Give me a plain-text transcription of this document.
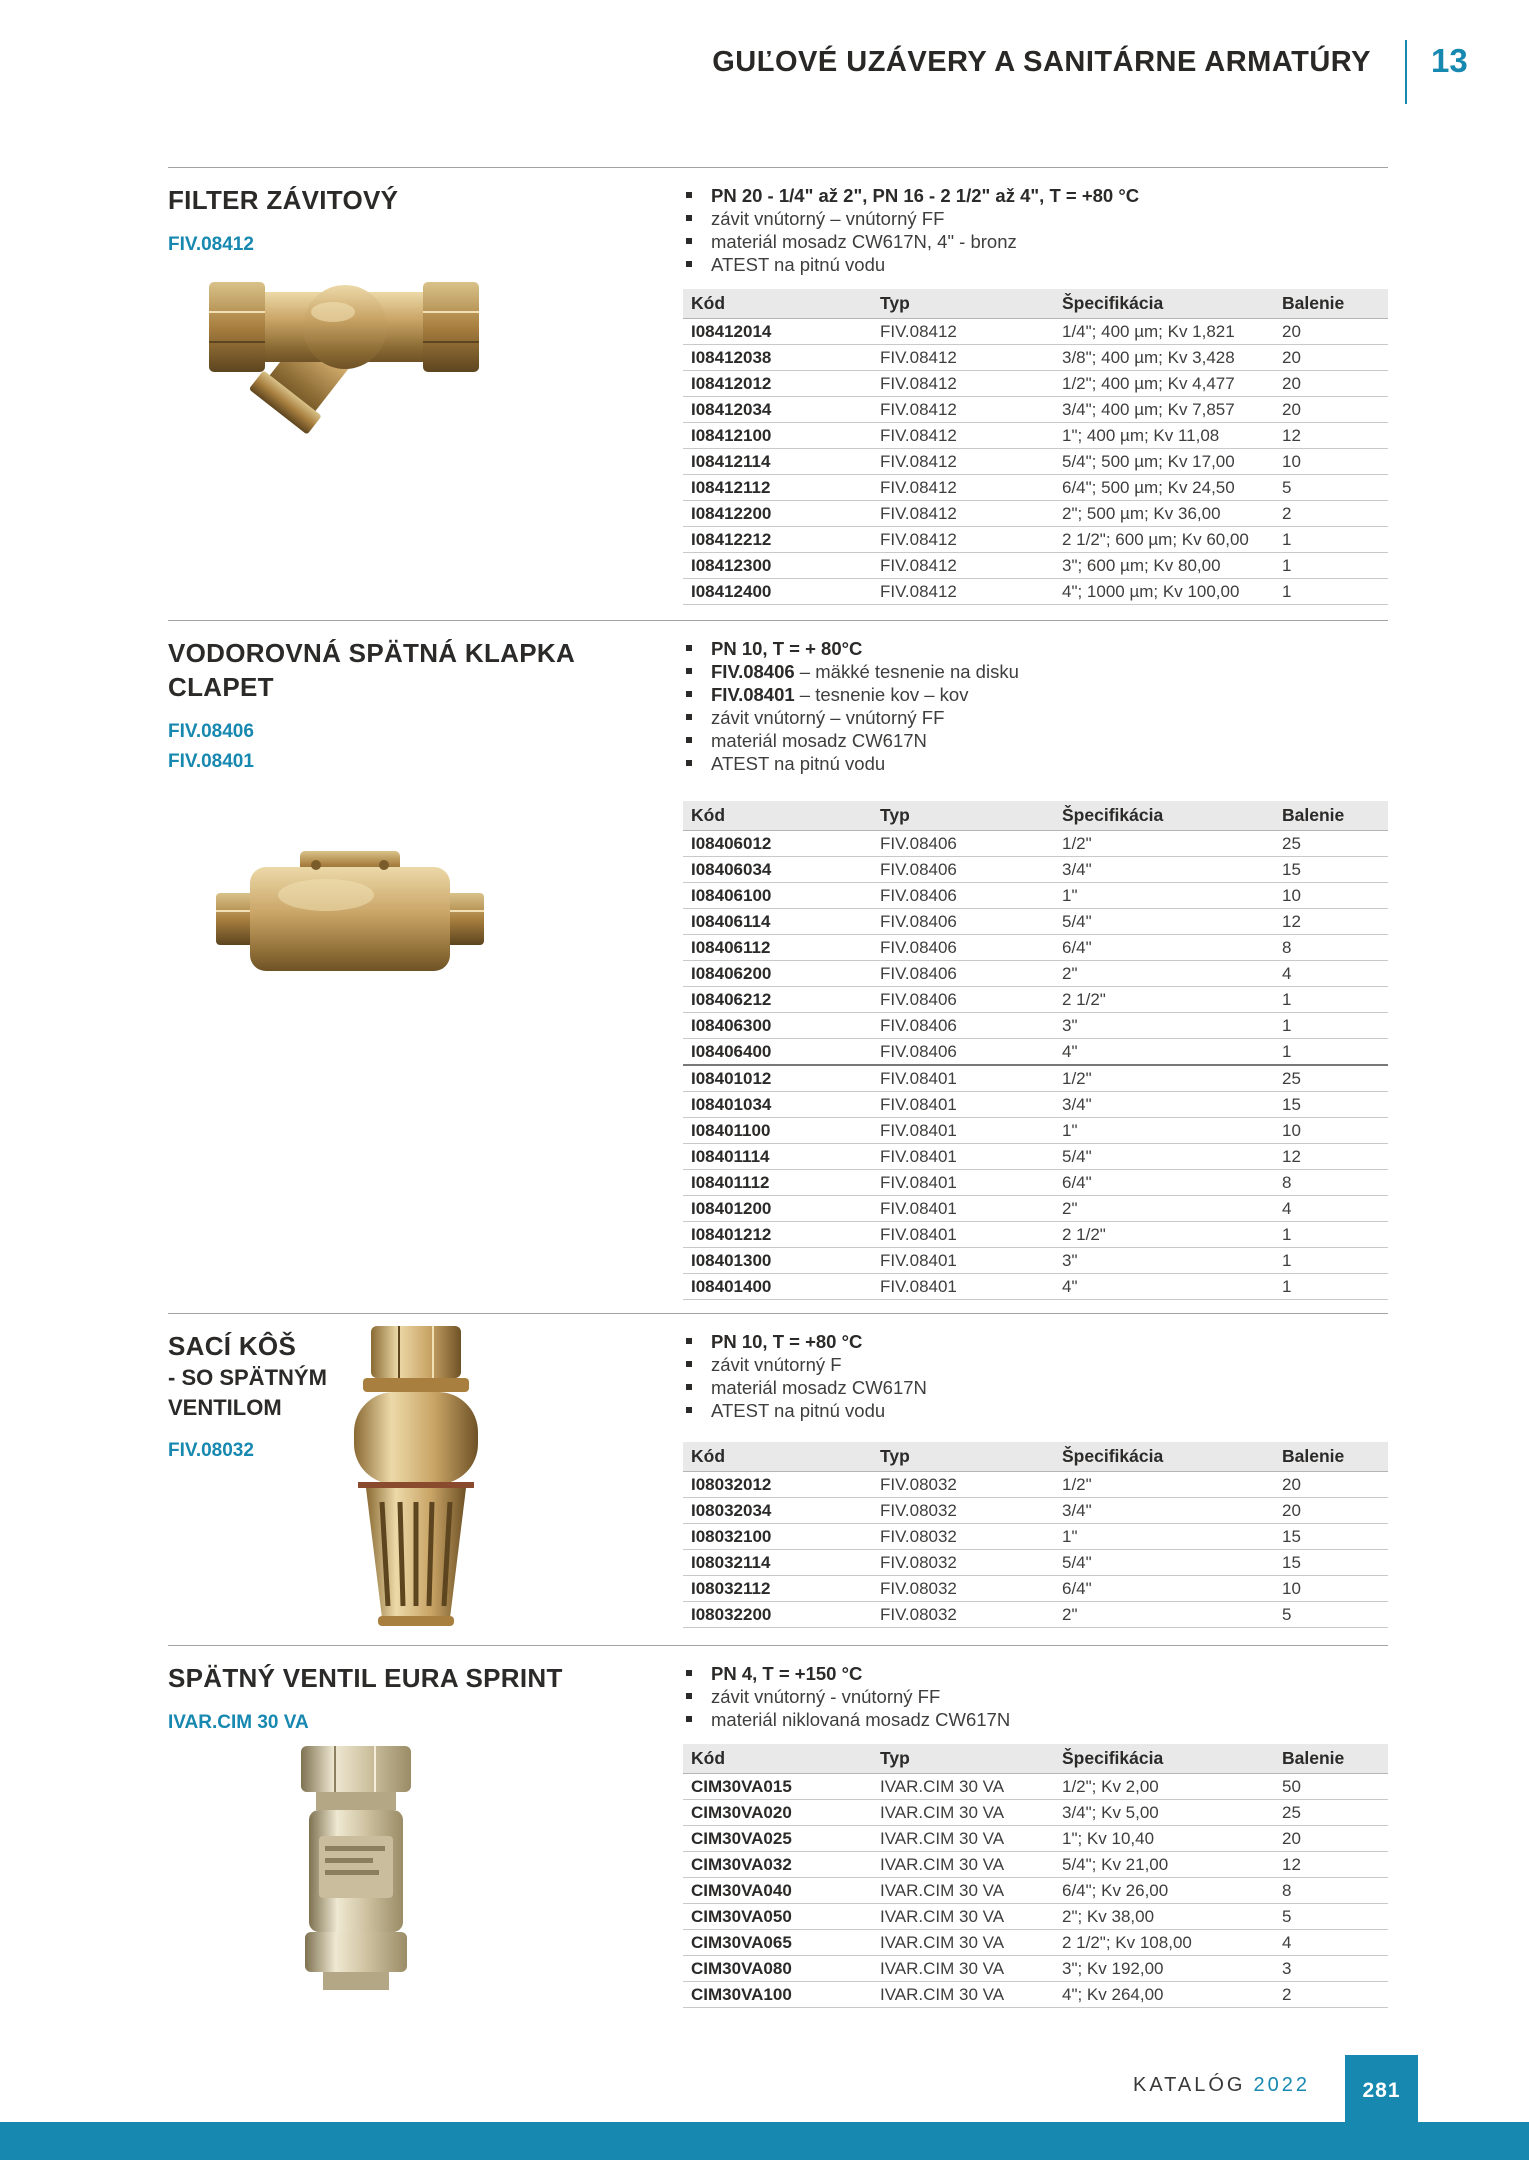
GUĽOVÉ UZÁVERY A SANITÁRNE ARMATÚRY 13
FILTER ZÁVITOVÝ
FIV.08412
PN 20 - 1/4" až 2", PN 16 - 2 1/2" až 4", T = +80 °C
závit vnútorný – vnútorný FF
materiál mosadz CW617N, 4" - bronz
ATEST na pitnú vodu
Kód	Typ	Špecifikácia	Balenie
I08412014	FIV.08412	1/4"; 400 µm; Kv 1,821	20
I08412038	FIV.08412	3/8"; 400 µm; Kv 3,428	20
I08412012	FIV.08412	1/2"; 400 µm; Kv 4,477	20
I08412034	FIV.08412	3/4"; 400 µm; Kv 7,857	20
I08412100	FIV.08412	1"; 400 µm; Kv 11,08	12
I08412114	FIV.08412	5/4"; 500 µm; Kv 17,00	10
I08412112	FIV.08412	6/4"; 500 µm; Kv 24,50	5
I08412200	FIV.08412	2"; 500 µm; Kv 36,00	2
I08412212	FIV.08412	2 1/2"; 600 µm; Kv 60,00	1
I08412300	FIV.08412	3"; 600 µm; Kv 80,00	1
I08412400	FIV.08412	4"; 1000 µm; Kv 100,00	1
VODOROVNÁ SPÄTNÁ KLAPKA
CLAPET
FIV.08406
FIV.08401
PN 10, T = + 80°C
FIV.08406 – mäkké tesnenie na disku
FIV.08401 – tesnenie kov – kov
závit vnútorný – vnútorný FF
materiál mosadz CW617N
ATEST na pitnú vodu
Kód	Typ	Špecifikácia	Balenie
I08406012	FIV.08406	1/2"	25
I08406034	FIV.08406	3/4"	15
I08406100	FIV.08406	1"	10
I08406114	FIV.08406	5/4"	12
I08406112	FIV.08406	6/4"	8
I08406200	FIV.08406	2"	4
I08406212	FIV.08406	2 1/2"	1
I08406300	FIV.08406	3"	1
I08406400	FIV.08406	4"	1
I08401012	FIV.08401	1/2"	25
I08401034	FIV.08401	3/4"	15
I08401100	FIV.08401	1"	10
I08401114	FIV.08401	5/4"	12
I08401112	FIV.08401	6/4"	8
I08401200	FIV.08401	2"	4
I08401212	FIV.08401	2 1/2"	1
I08401300	FIV.08401	3"	1
I08401400	FIV.08401	4"	1
SACÍ KÔŠ
- SO SPÄTNÝM
VENTILOM
FIV.08032
PN 10, T = +80 °C
závit vnútorný F
materiál mosadz CW617N
ATEST na pitnú vodu
Kód	Typ	Špecifikácia	Balenie
I08032012	FIV.08032	1/2"	20
I08032034	FIV.08032	3/4"	20
I08032100	FIV.08032	1"	15
I08032114	FIV.08032	5/4"	15
I08032112	FIV.08032	6/4"	10
I08032200	FIV.08032	2"	5
SPÄTNÝ VENTIL EURA SPRINT
IVAR.CIM 30 VA
PN 4, T = +150 °C
závit vnútorný - vnútorný FF
materiál niklovaná mosadz CW617N
Kód	Typ	Špecifikácia	Balenie
CIM30VA015	IVAR.CIM 30 VA	1/2"; Kv 2,00	50
CIM30VA020	IVAR.CIM 30 VA	3/4"; Kv 5,00	25
CIM30VA025	IVAR.CIM 30 VA	1"; Kv 10,40	20
CIM30VA032	IVAR.CIM 30 VA	5/4"; Kv 21,00	12
CIM30VA040	IVAR.CIM 30 VA	6/4"; Kv 26,00	8
CIM30VA050	IVAR.CIM 30 VA	2"; Kv 38,00	5
CIM30VA065	IVAR.CIM 30 VA	2 1/2"; Kv 108,00	4
CIM30VA080	IVAR.CIM 30 VA	3"; Kv 192,00	3
CIM30VA100	IVAR.CIM 30 VA	4"; Kv 264,00	2
KATALÓG 2022	281
